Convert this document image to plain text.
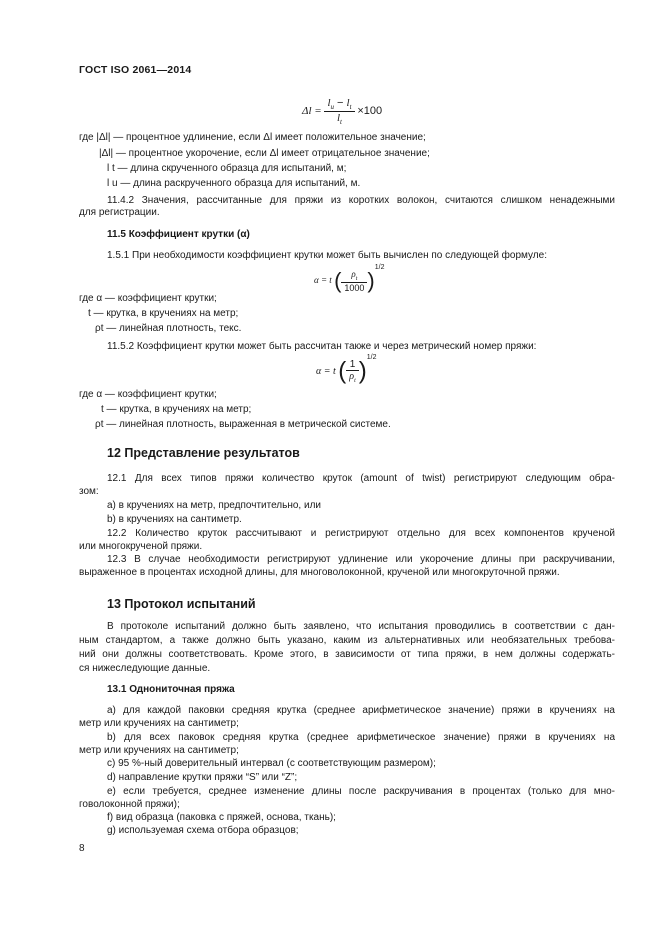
ГОСТ ISO 2061—2014
$\Delta l = \frac{l_u - l_t}{l_t} \times 100$
где |Δl| — процентное удлинение, если Δl имеет положительное значение;
|Δl| — процентное укорочение, если Δl имеет отрицательное значение;
l t — длина скрученного образца для испытаний, м;
l u — длина раскрученного образца для испытаний, м.
11.4.2 Значения, рассчитанные для пряжи из коротких волокон, считаются слишком ненадежными
для регистрации.
11.5 Коэффициент крутки (α)
1.5.1 При необходимости коэффициент крутки может быть вычислен по следующей формуле:
α = t ( $\frac{\rho_t}{1000} )^{1/2}$
где α — коэффициент крутки;
t — крутка, в кручениях на метр;
ρt — линейная плотность, текс.
11.5.2 Коэффициент крутки может быть рассчитан также и через метрический номер пряжи:
α = t ( $\frac{1}{\rho_t} )^{1/2}$
где α — коэффициент крутки;
t — крутка, в кручениях на метр;
ρt — линейная плотность, выраженная в метрической системе.
12 Представление результатов
12.1 Для всех типов пряжи количество круток (amount of twist) регистрируют следующим обра-
зом:
a) в кручениях на метр, предпочтительно, или
b) в кручениях на сантиметр.
12.2 Количество круток рассчитывают и регистрируют отдельно для всех компонентов крученой
или многокрученой пряжи.
12.3 В случае необходимости регистрируют удлинение или укорочение длины при раскручивании,
выраженное в процентах исходной длины, для многоволоконной, крученой или многокруточной пряжи.
13 Протокол испытаний
В протоколе испытаний должно быть заявлено, что испытания проводились в соответствии с дан-
ным стандартом, а также должно быть указано, каким из альтернативных или необязательных требова-
ний они должны соответствовать. Кроме этого, в зависимости от типа пряжи, в нем должны содержать-
ся нижеследующие данные.
13.1 Однониточная пряжа
a) для каждой паковки средняя крутка (среднее арифметическое значение) пряжи в кручениях на
метр или кручениях на сантиметр;
b) для всех паковок средняя крутка (среднее арифметическое значение) пряжи в кручениях на
метр или кручениях на сантиметр;
c) 95 %-ный доверительный интервал (с соответствующим размером);
d) направление крутки пряжи “S” или “Z”;
e) если требуется, среднее изменение длины после раскручивания в процентах (только для мно-
говолоконной пряжи);
f) вид образца (паковка с пряжей, основа, ткань);
g) используемая схема отбора образцов;
8
